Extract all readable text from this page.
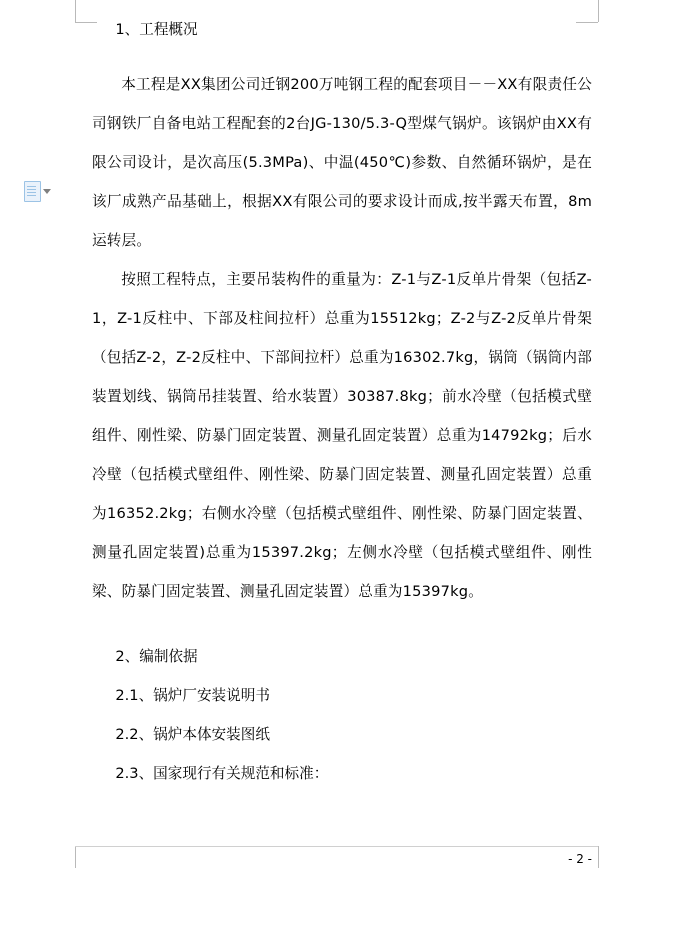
1、工程概况

本工程是XX集团公司迁钢200万吨钢工程的配套项目－－XX有限责任公司钢铁厂自备电站工程配套的2台JG-130/5.3-Q型煤气锅炉。该锅炉由XX有限公司设计，是次高压(5.3MPa)、中温(450℃)参数、自然循环锅炉，是在该厂成熟产品基础上，根据XX有限公司的要求设计而成,按半露天布置，8m运转层。

按照工程特点，主要吊装构件的重量为：Z-1与Z-1反单片骨架（包括Z-1，Z-1反柱中、下部及柱间拉杆）总重为15512kg；Z-2与Z-2反单片骨架（包括Z-2，Z-2反柱中、下部间拉杆）总重为16302.7kg，锅筒（锅筒内部装置划线、锅筒吊挂装置、给水装置）30387.8kg；前水冷壁（包括模式壁组件、刚性梁、防暴门固定装置、测量孔固定装置）总重为14792kg；后水冷壁（包括模式壁组件、刚性梁、防暴门固定装置、测量孔固定装置）总重为16352.2kg；右侧水冷壁（包括模式壁组件、刚性梁、防暴门固定装置、测量孔固定装置)总重为15397.2kg；左侧水冷壁（包括模式壁组件、刚性梁、防暴门固定装置、测量孔固定装置）总重为15397kg。

2、编制依据

2.1、锅炉厂安装说明书

2.2、锅炉本体安装图纸

2.3、国家现行有关规范和标准：

- 2 -
